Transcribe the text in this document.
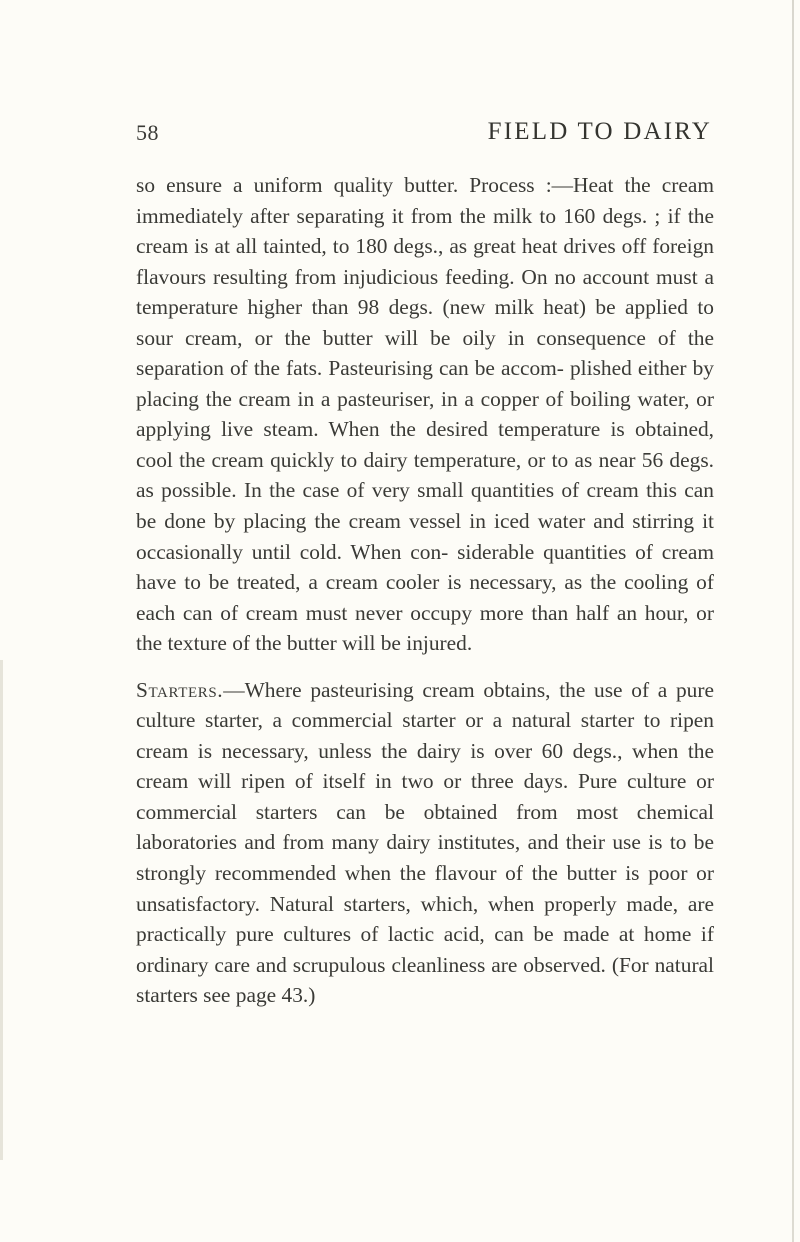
58	FIELD TO DAIRY

so ensure a uniform quality butter. Process :—Heat the cream immediately after separating it from the milk to 160 degs. ; if the cream is at all tainted, to 180 degs., as great heat drives off foreign flavours resulting from injudicious feeding. On no account must a temperature higher than 98 degs. (new milk heat) be applied to sour cream, or the butter will be oily in consequence of the separation of the fats. Pasteurising can be accom- plished either by placing the cream in a pasteuriser, in a copper of boiling water, or applying live steam. When the desired temperature is obtained, cool the cream quickly to dairy temperature, or to as near 56 degs. as possible. In the case of very small quantities of cream this can be done by placing the cream vessel in iced water and stirring it occasionally until cold. When con- siderable quantities of cream have to be treated, a cream cooler is necessary, as the cooling of each can of cream must never occupy more than half an hour, or the texture of the butter will be injured.

Starters.—Where pasteurising cream obtains, the use of a pure culture starter, a commercial starter or a natural starter to ripen cream is necessary, unless the dairy is over 60 degs., when the cream will ripen of itself in two or three days. Pure culture or commercial starters can be obtained from most chemical laboratories and from many dairy institutes, and their use is to be strongly recommended when the flavour of the butter is poor or unsatisfactory. Natural starters, which, when properly made, are practically pure cultures of lactic acid, can be made at home if ordinary care and scrupulous cleanliness are observed. (For natural starters see page 43.)
